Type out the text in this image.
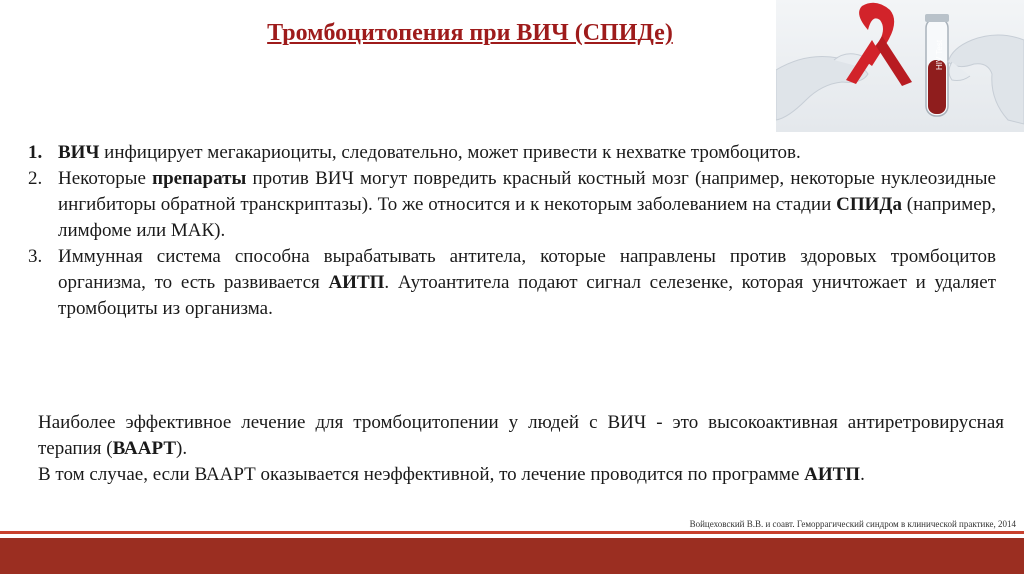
Тромбоцитопения при ВИЧ (СПИДе)
HIV Test
1. ВИЧ инфицирует мегакариоциты, следовательно, может привести к нехватке тромбоцитов.
2. Некоторые препараты против ВИЧ могут повредить красный костный мозг (например, некоторые нуклеозидные ингибиторы обратной транскриптазы). То же относится и к некоторым заболеванием на стадии СПИДа (например, лимфоме или МАК).
3. Иммунная система способна вырабатывать антитела, которые направлены против здоровых тромбоцитов организма, то есть развивается АИТП. Аутоантитела подают сигнал селезенке, которая уничтожает и удаляет тромбоциты из организма.

Наиболее эффективное лечение для тромбоцитопении у людей с ВИЧ - это высокоактивная антиретровирусная терапия (ВААРТ).

В том случае, если ВААРТ оказывается неэффективной, то лечение проводится по программе АИТП.

Войцеховский В.В. и соавт. Геморрагический синдром в клинической практике, 2014
